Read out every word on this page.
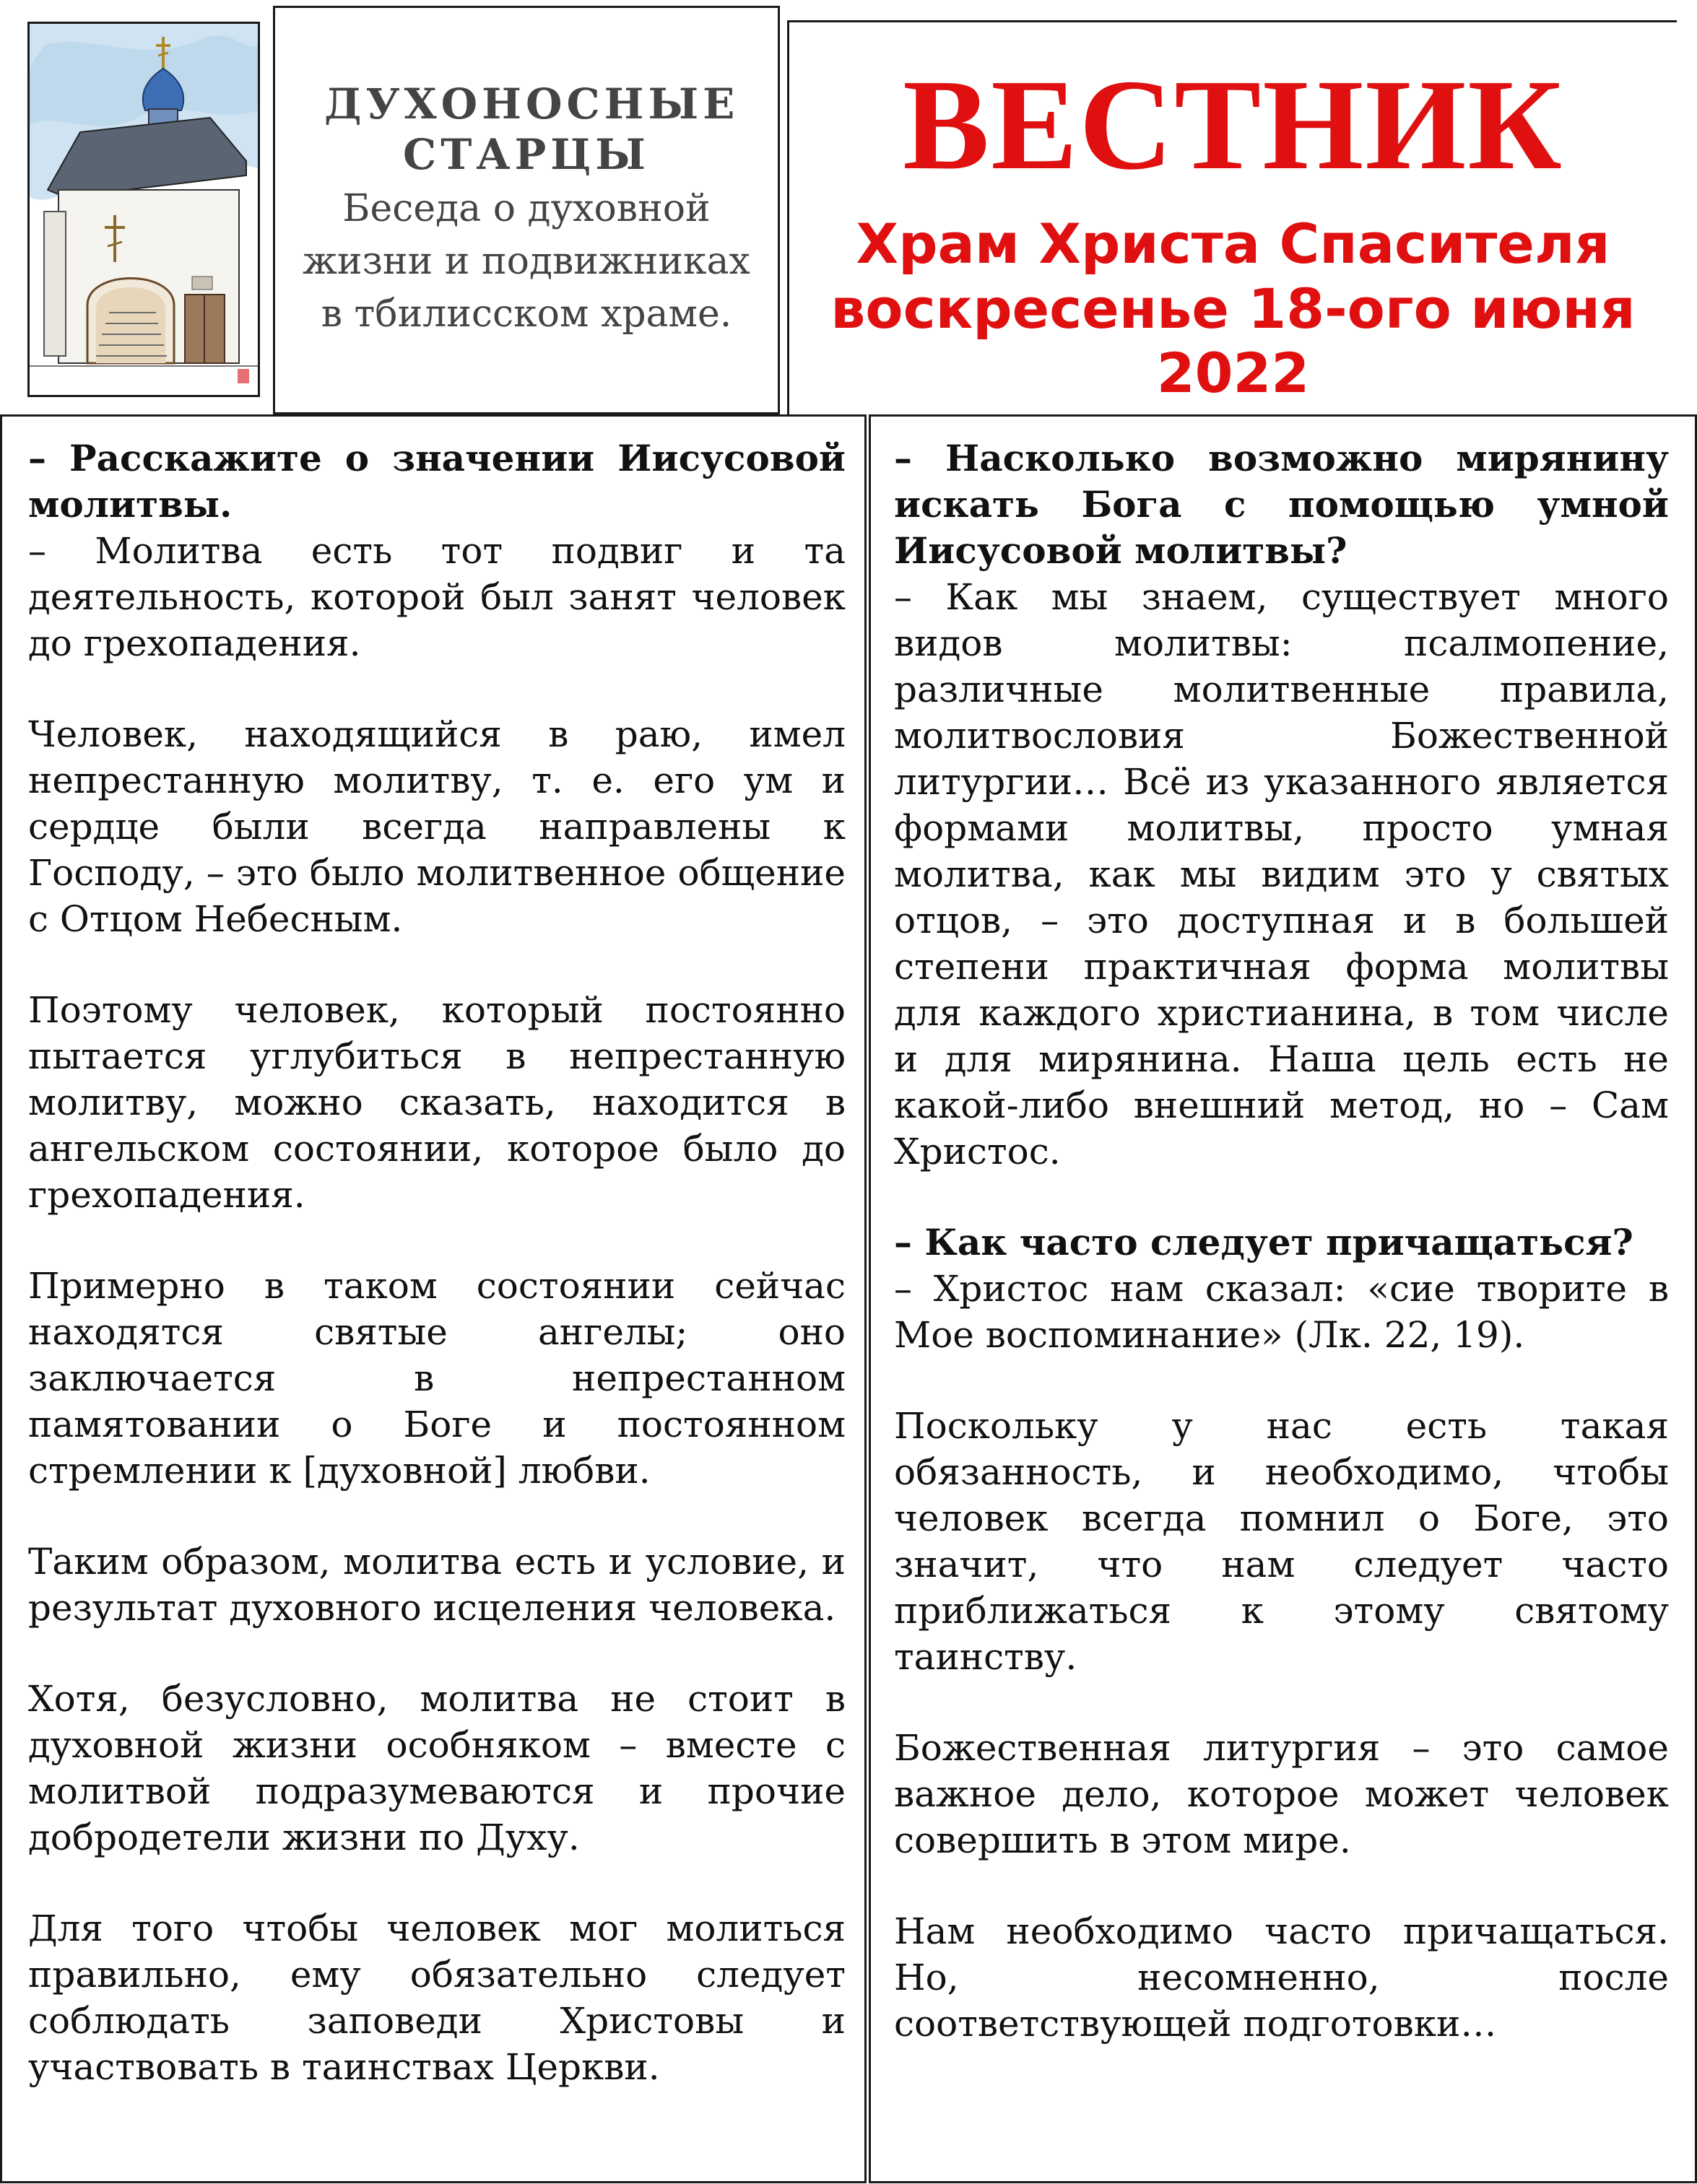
ДУХОНОСНЫЕ СТАРЦЫ
Беседа о духовной жизни и подвижниках в тбилисском храме.
ВЕСТНИК
Храм Христа Спасителя
воскресенье 18-ого июня
2022

– Расскажите о значении Иисусовой молитвы.
– Молитва есть тот подвиг и та деятельность, которой был занят человек до грехопадения.

Человек, находящийся в раю, имел непрестанную молитву, т. е. его ум и сердце были всегда направлены к Господу, – это было молитвенное общение с Отцом Небесным.

Поэтому человек, который постоянно пытается углубиться в непрестанную молитву, можно сказать, находится в ангельском состоянии, которое было до грехопадения.

Примерно в таком состоянии сейчас находятся святые ангелы; оно заключается в непрестанном памятовании о Боге и постоянном стремлении к [духовной] любви.

Таким образом, молитва есть и условие, и результат духовного исцеления человека.

Хотя, безусловно, молитва не стоит в духовной жизни особняком – вместе с молитвой подразумеваются и прочие добродетели жизни по Духу.

Для того чтобы человек мог молиться правильно, ему обязательно следует соблюдать заповеди Христовы и участвовать в таинствах Церкви.

– Насколько возможно мирянину искать Бога с помощью умной Иисусовой молитвы?
– Как мы знаем, существует много видов молитвы: псалмопение, различные молитвенные правила, молитвословия Божественной литургии… Всё из указанного является формами молитвы, просто умная молитва, как мы видим это у святых отцов, – это доступная и в большей степени практичная форма молитвы для каждого христианина, в том числе и для мирянина. Наша цель есть не какой-либо внешний метод, но – Сам Христос.

– Как часто следует причащаться?
– Христос нам сказал: «сие творите в Мое воспоминание» (Лк. 22, 19).

Поскольку у нас есть такая обязанность, и необходимо, чтобы человек всегда помнил о Боге, это значит, что нам следует часто приближаться к этому святому таинству.

Божественная литургия – это самое важное дело, которое может человек совершить в этом мире.

Нам необходимо часто причащаться. Но, несомненно, после соответствующей подготовки…
